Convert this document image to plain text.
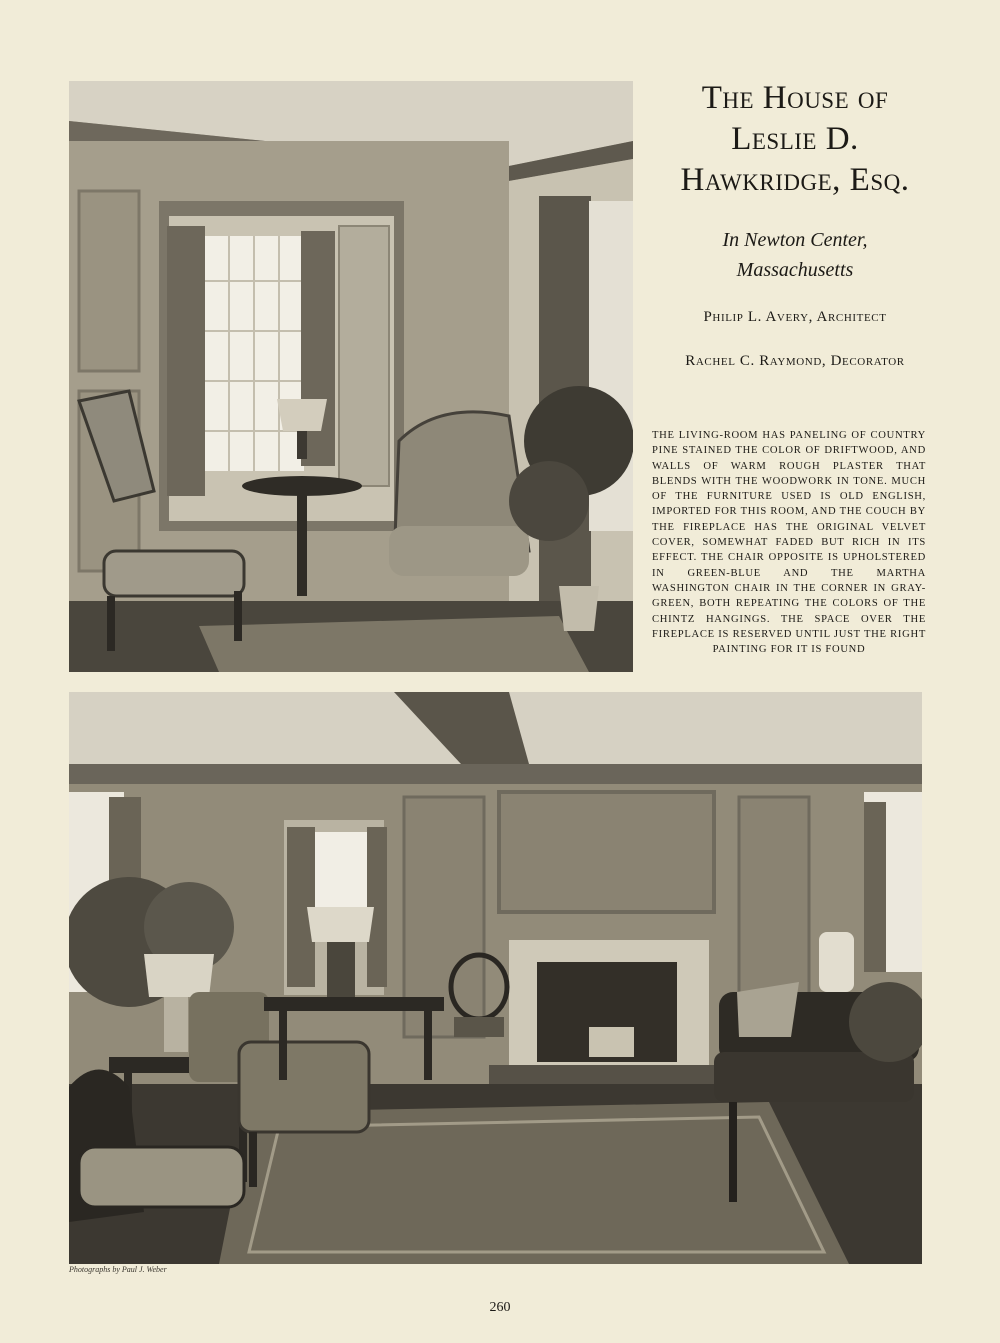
The House of
Leslie D.
Hawkridge, Esq.
In Newton Center,
Massachusetts
Philip L. Avery, Architect
Rachel C. Raymond, Decorator

THE LIVING-ROOM HAS PANELING OF COUNTRY PINE STAINED THE COLOR OF DRIFTWOOD, AND WALLS OF WARM ROUGH PLASTER THAT BLENDS WITH THE WOODWORK IN TONE. MUCH OF THE FURNITURE USED IS OLD ENGLISH, IMPORTED FOR THIS ROOM, AND THE COUCH BY THE FIREPLACE HAS THE ORIGINAL VELVET COVER, SOMEWHAT FADED BUT RICH IN ITS EFFECT. THE CHAIR OPPOSITE IS UPHOLSTERED IN GREEN-BLUE AND THE MARTHA WASHINGTON CHAIR IN THE CORNER IN GRAY-GREEN, BOTH REPEATING THE COLORS OF THE CHINTZ HANGINGS. THE SPACE OVER THE FIREPLACE IS RESERVED UNTIL JUST THE RIGHT PAINTING FOR IT IS FOUND

Photographs by Paul J. Weber
260
